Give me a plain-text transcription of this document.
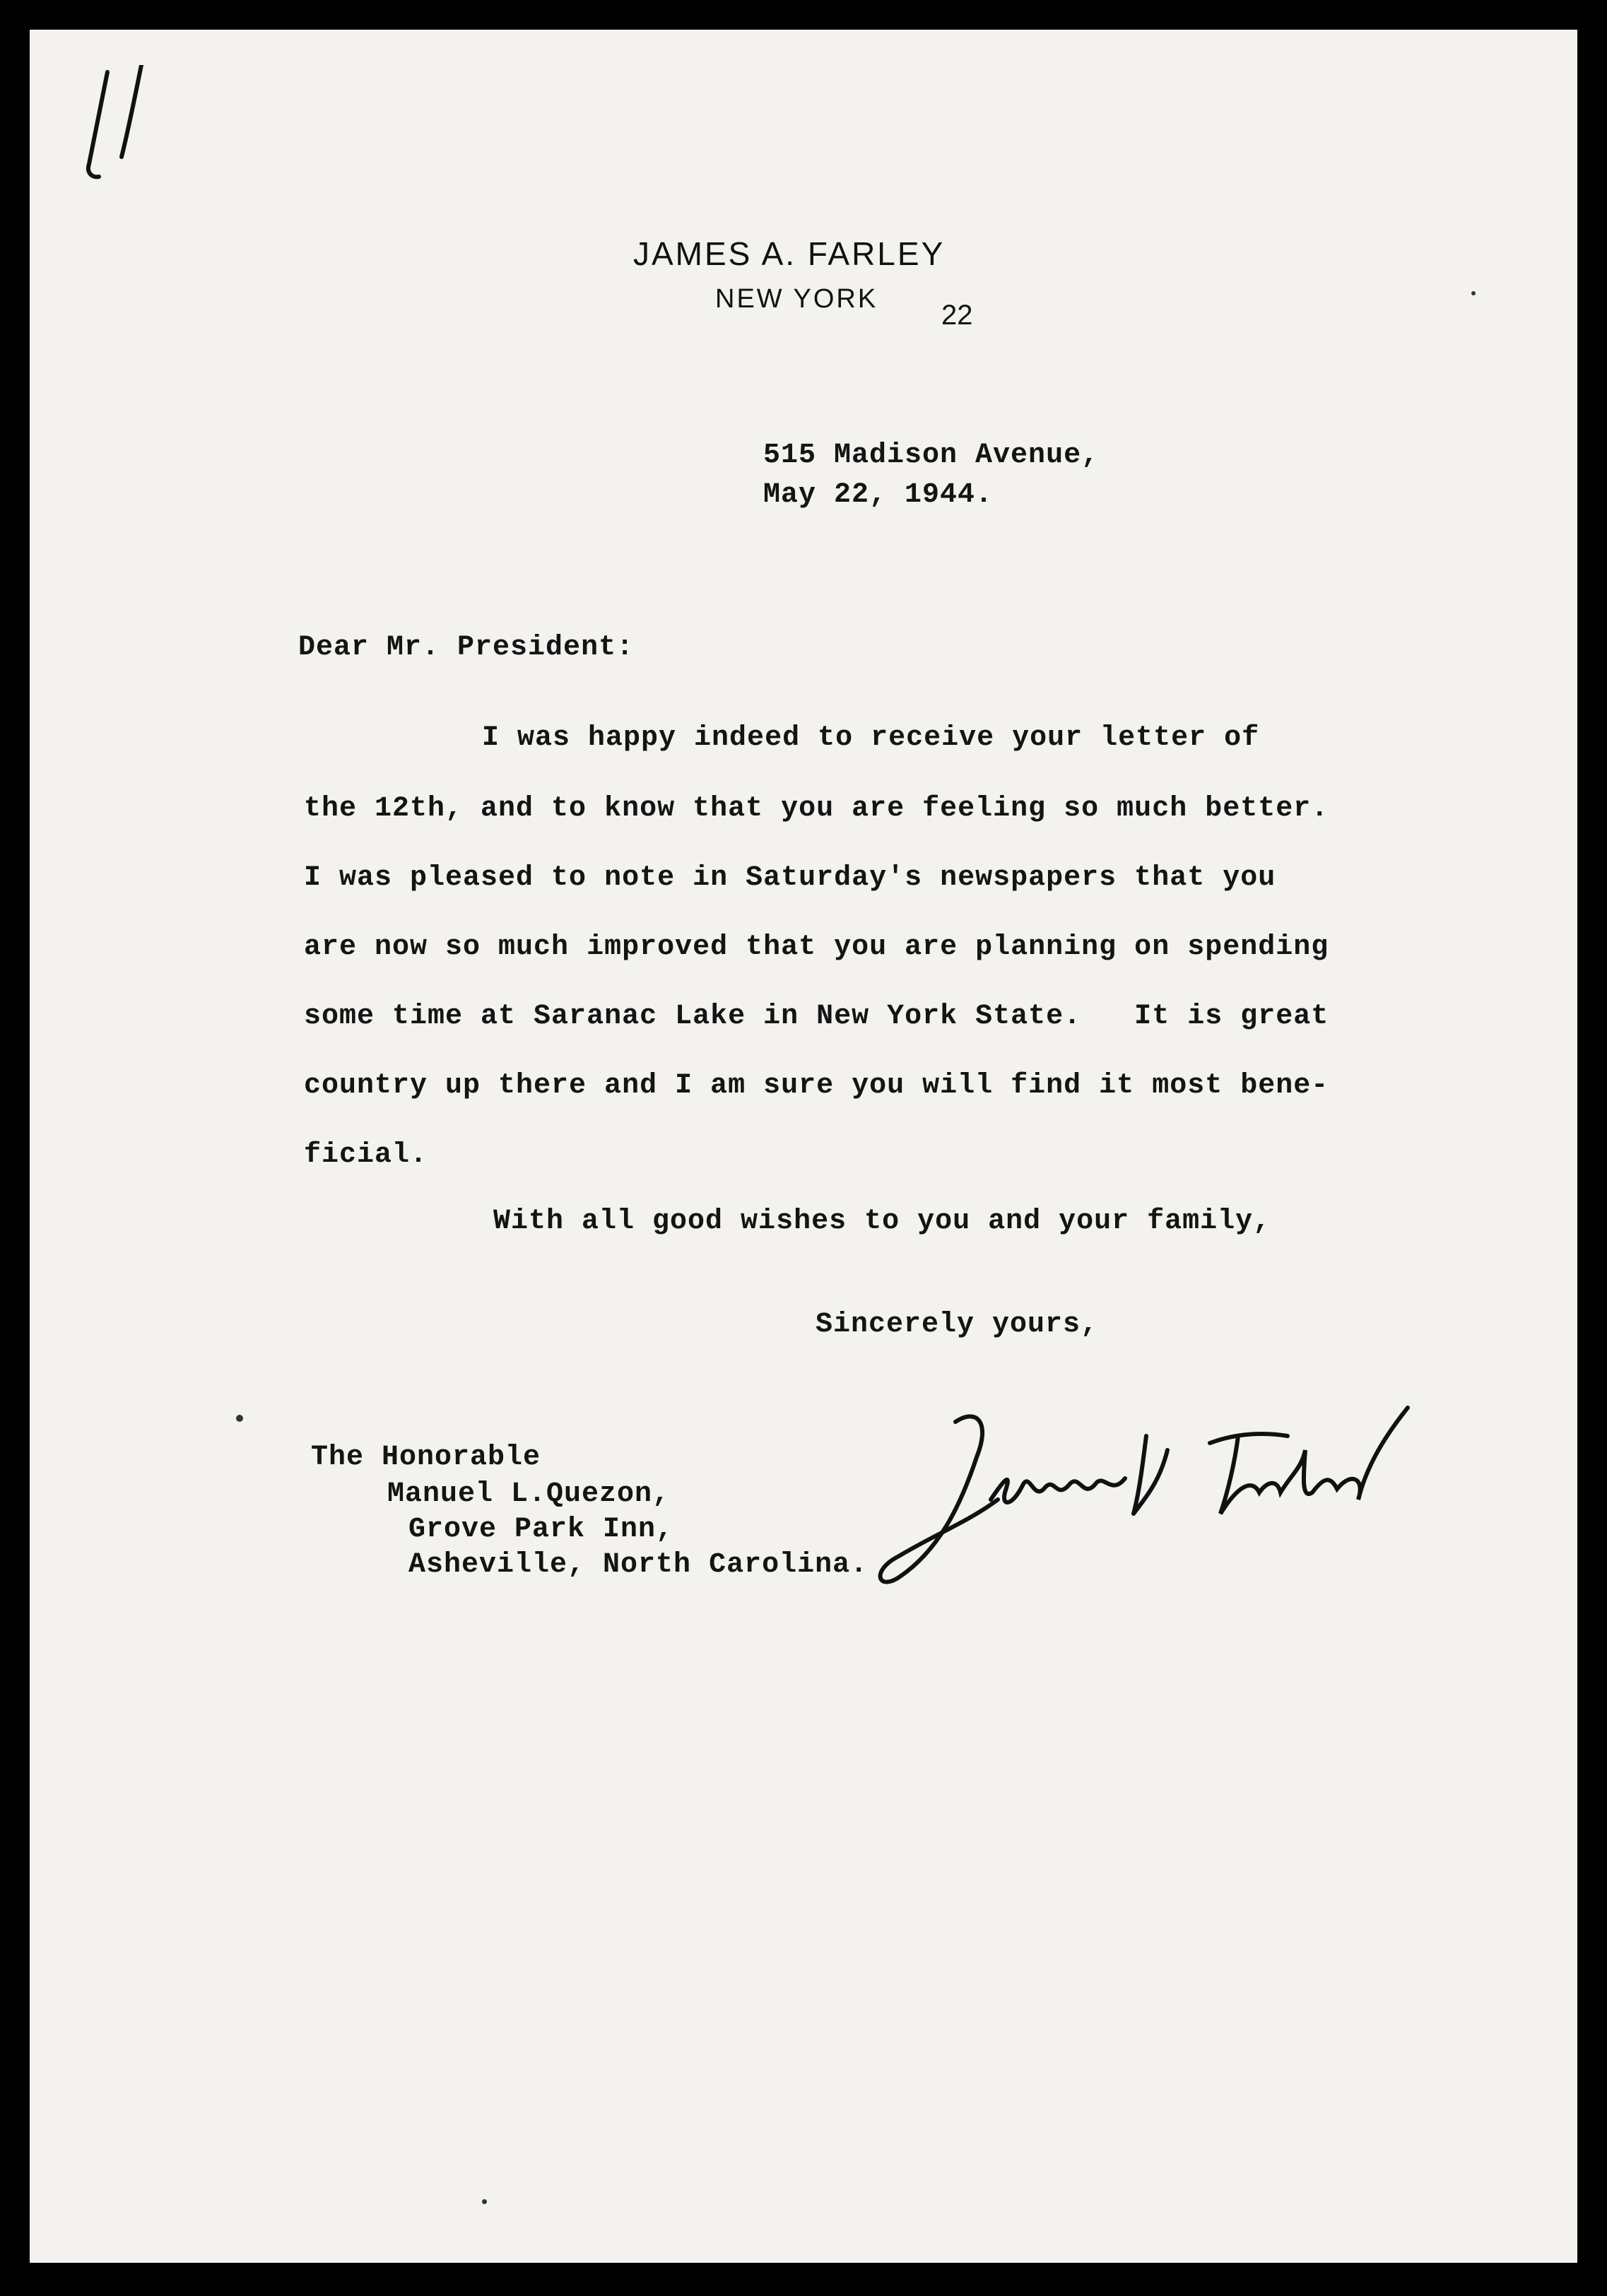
JAMES A. FARLEY
NEW YORK
22
515 Madison Avenue,
May 22, 1944.
Dear Mr. President:
I was happy indeed to receive your letter of
the 12th, and to know that you are feeling so much better.
I was pleased to note in Saturday's newspapers that you
are now so much improved that you are planning on spending
some time at Saranac Lake in New York State.   It is great
country up there and I am sure you will find it most bene-
ficial.
With all good wishes to you and your family,
Sincerely yours,
The Honorable
Manuel L.Quezon,
Grove Park Inn,
Asheville, North Carolina.
